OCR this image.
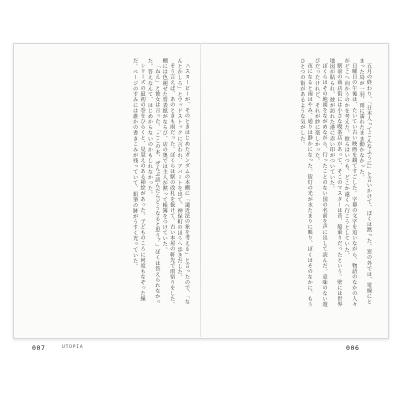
＜スヌーピーが、そのときはじめたガンダムの本棚に「遠近法の象を考える」と言ったので、「なんとかしろ」とウッドストックに言われ、アパートを出て、神保町のほうへ歩きだした。

そう言えば、あのときも雨だった。ぼくらは駅の改札を抜けて、古い本屋の軒先で雨宿りをした。棚には色褪せた背表紙がならび、店の奥では主人が黙って帳簿をつけていた。

「ねえ」と彼女は言った。「ここの本、ぜんぶ読んだらどうなると思う？」ぼくは答えられなかった。答えなんて、はじめからないのかもしれなかった。

シリーズの最初の巻をひらくと、見覚えのある挿絵があった。子どものころに何度もなぞった線だ。ページのすみには誰かの書きこみが残っていて、鉛筆の跡がうすく光っていた。	五月の終わり、「日本人ってこんなふうに」と言いかけて、ぼくは黙った。窓の外では、電線にとまった鳥が一羽、雨に濡れたまま動かなかった。

日曜日の午後は、たいてい古い映画を観てすごした。字幕の文字を追いながら、物語のなかの人々がどこへ向かうのかを考えた。彼らはいつも、どこか遠くへ行こうとしていた。

駅前の商店街には小さな喫茶店があって、そこのマスターは昔、船乗りだったという。壁には世界地図が貼られ、彼が訪れた港に赤い印がついていた。

ぼくらはその地図をながめながら、行ったことのない国の名前を声に出して読んだ。意味のない遊びだったけれど、それが妙に楽しかった。

夜になると雨はやみ、通りは静かになった。街灯の光が水たまりに映り、ぼくはそのなかに、もうひとつの街があるような気がした。

007	UTOPIA	006
